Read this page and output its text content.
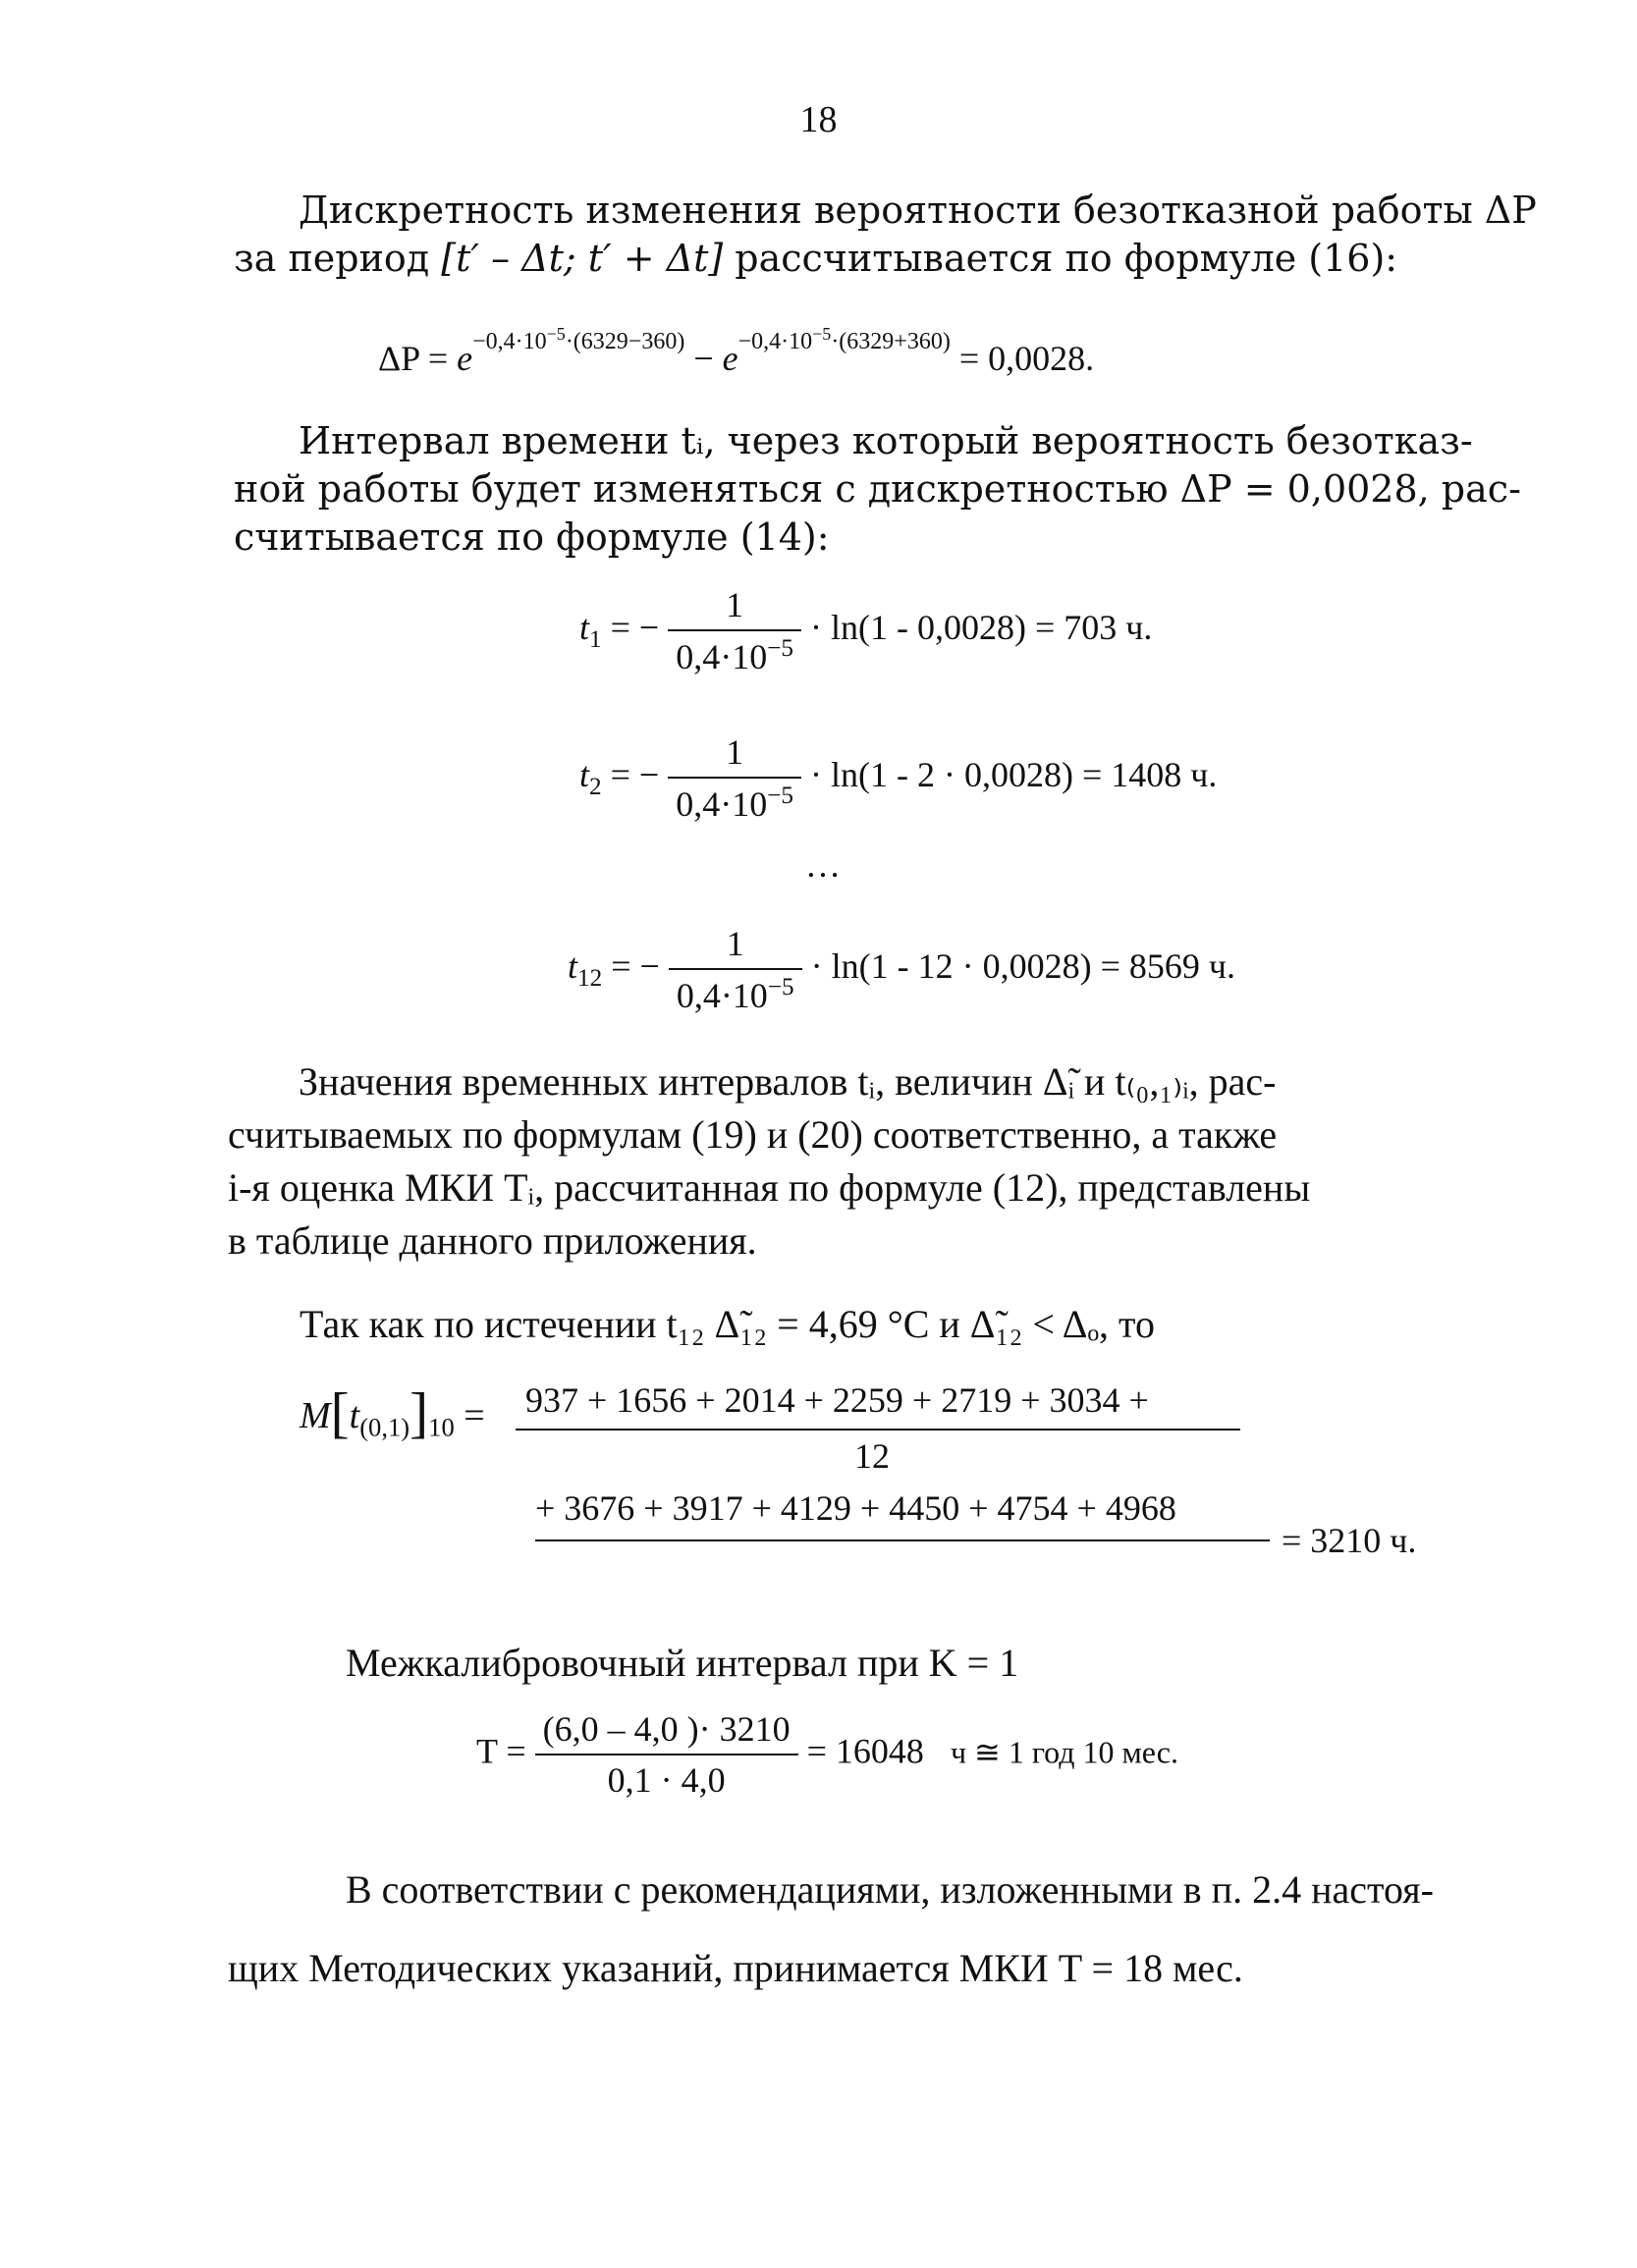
18
Дискретность изменения вероятности безотказной работы ΔР
за период [t′ – Δt; t′ + Δt] рассчитывается по формуле (16):
$\Delta P = e^{-0,4\cdot 10^{-5}\cdot(6329-360)} - e^{-0,4\cdot 10^{-5}\cdot(6329+360)} = 0,0028$.
Интервал времени tᵢ, через который вероятность безотказ-
ной работы будет изменяться с дискретностью ΔP = 0,0028, рас-
считывается по формуле (14):
$t_1$ = − $\frac{1}{0,4\cdot 10^{-5}} \cdot \ln(1 - 0,0028) = 703$ ч.
$t_2$ = − $\frac{1}{0,4\cdot 10^{-5}} \cdot \ln(1 - 2 \cdot 0,0028) = 1408$ ч.
…
$t_{12}$ = − $\frac{1}{0,4\cdot 10^{-5}} \cdot \ln(1 - 12 \cdot 0,0028) = 8569$ ч.
Значения временных интервалов tᵢ, величин Δ̃ᵢ и t₍₀,₁₎ᵢ, рас-
считываемых по формулам (19) и (20) соответственно, а также
i-я оценка МКИ Tᵢ, рассчитанная по формуле (12), представлены
в таблице данного приложения.
Так как по истечении t₁₂ Δ̃₁₂ = 4,69 °С и Δ̃₁₂ < Δₒ, то
$M[t_{(0,1)}]_{10} = 937 + 1656 + 2014 + 2259 + 2719 + 3034$ +
12
+ 3676 + 3917 + 4129 + 4450 + 4754 + 4968
= 3210 ч.
Межкалибровочный интервал при K = 1
$T = \frac{(6,0 - 4,0 )\cdot 3210}{0,1 \cdot 4,0} = 16048$ ч ≅ 1 год 10 мес.
В соответствии с рекомендациями, изложенными в п. 2.4 настоя-
щих Методических указаний, принимается МКИ T = 18 мес.
